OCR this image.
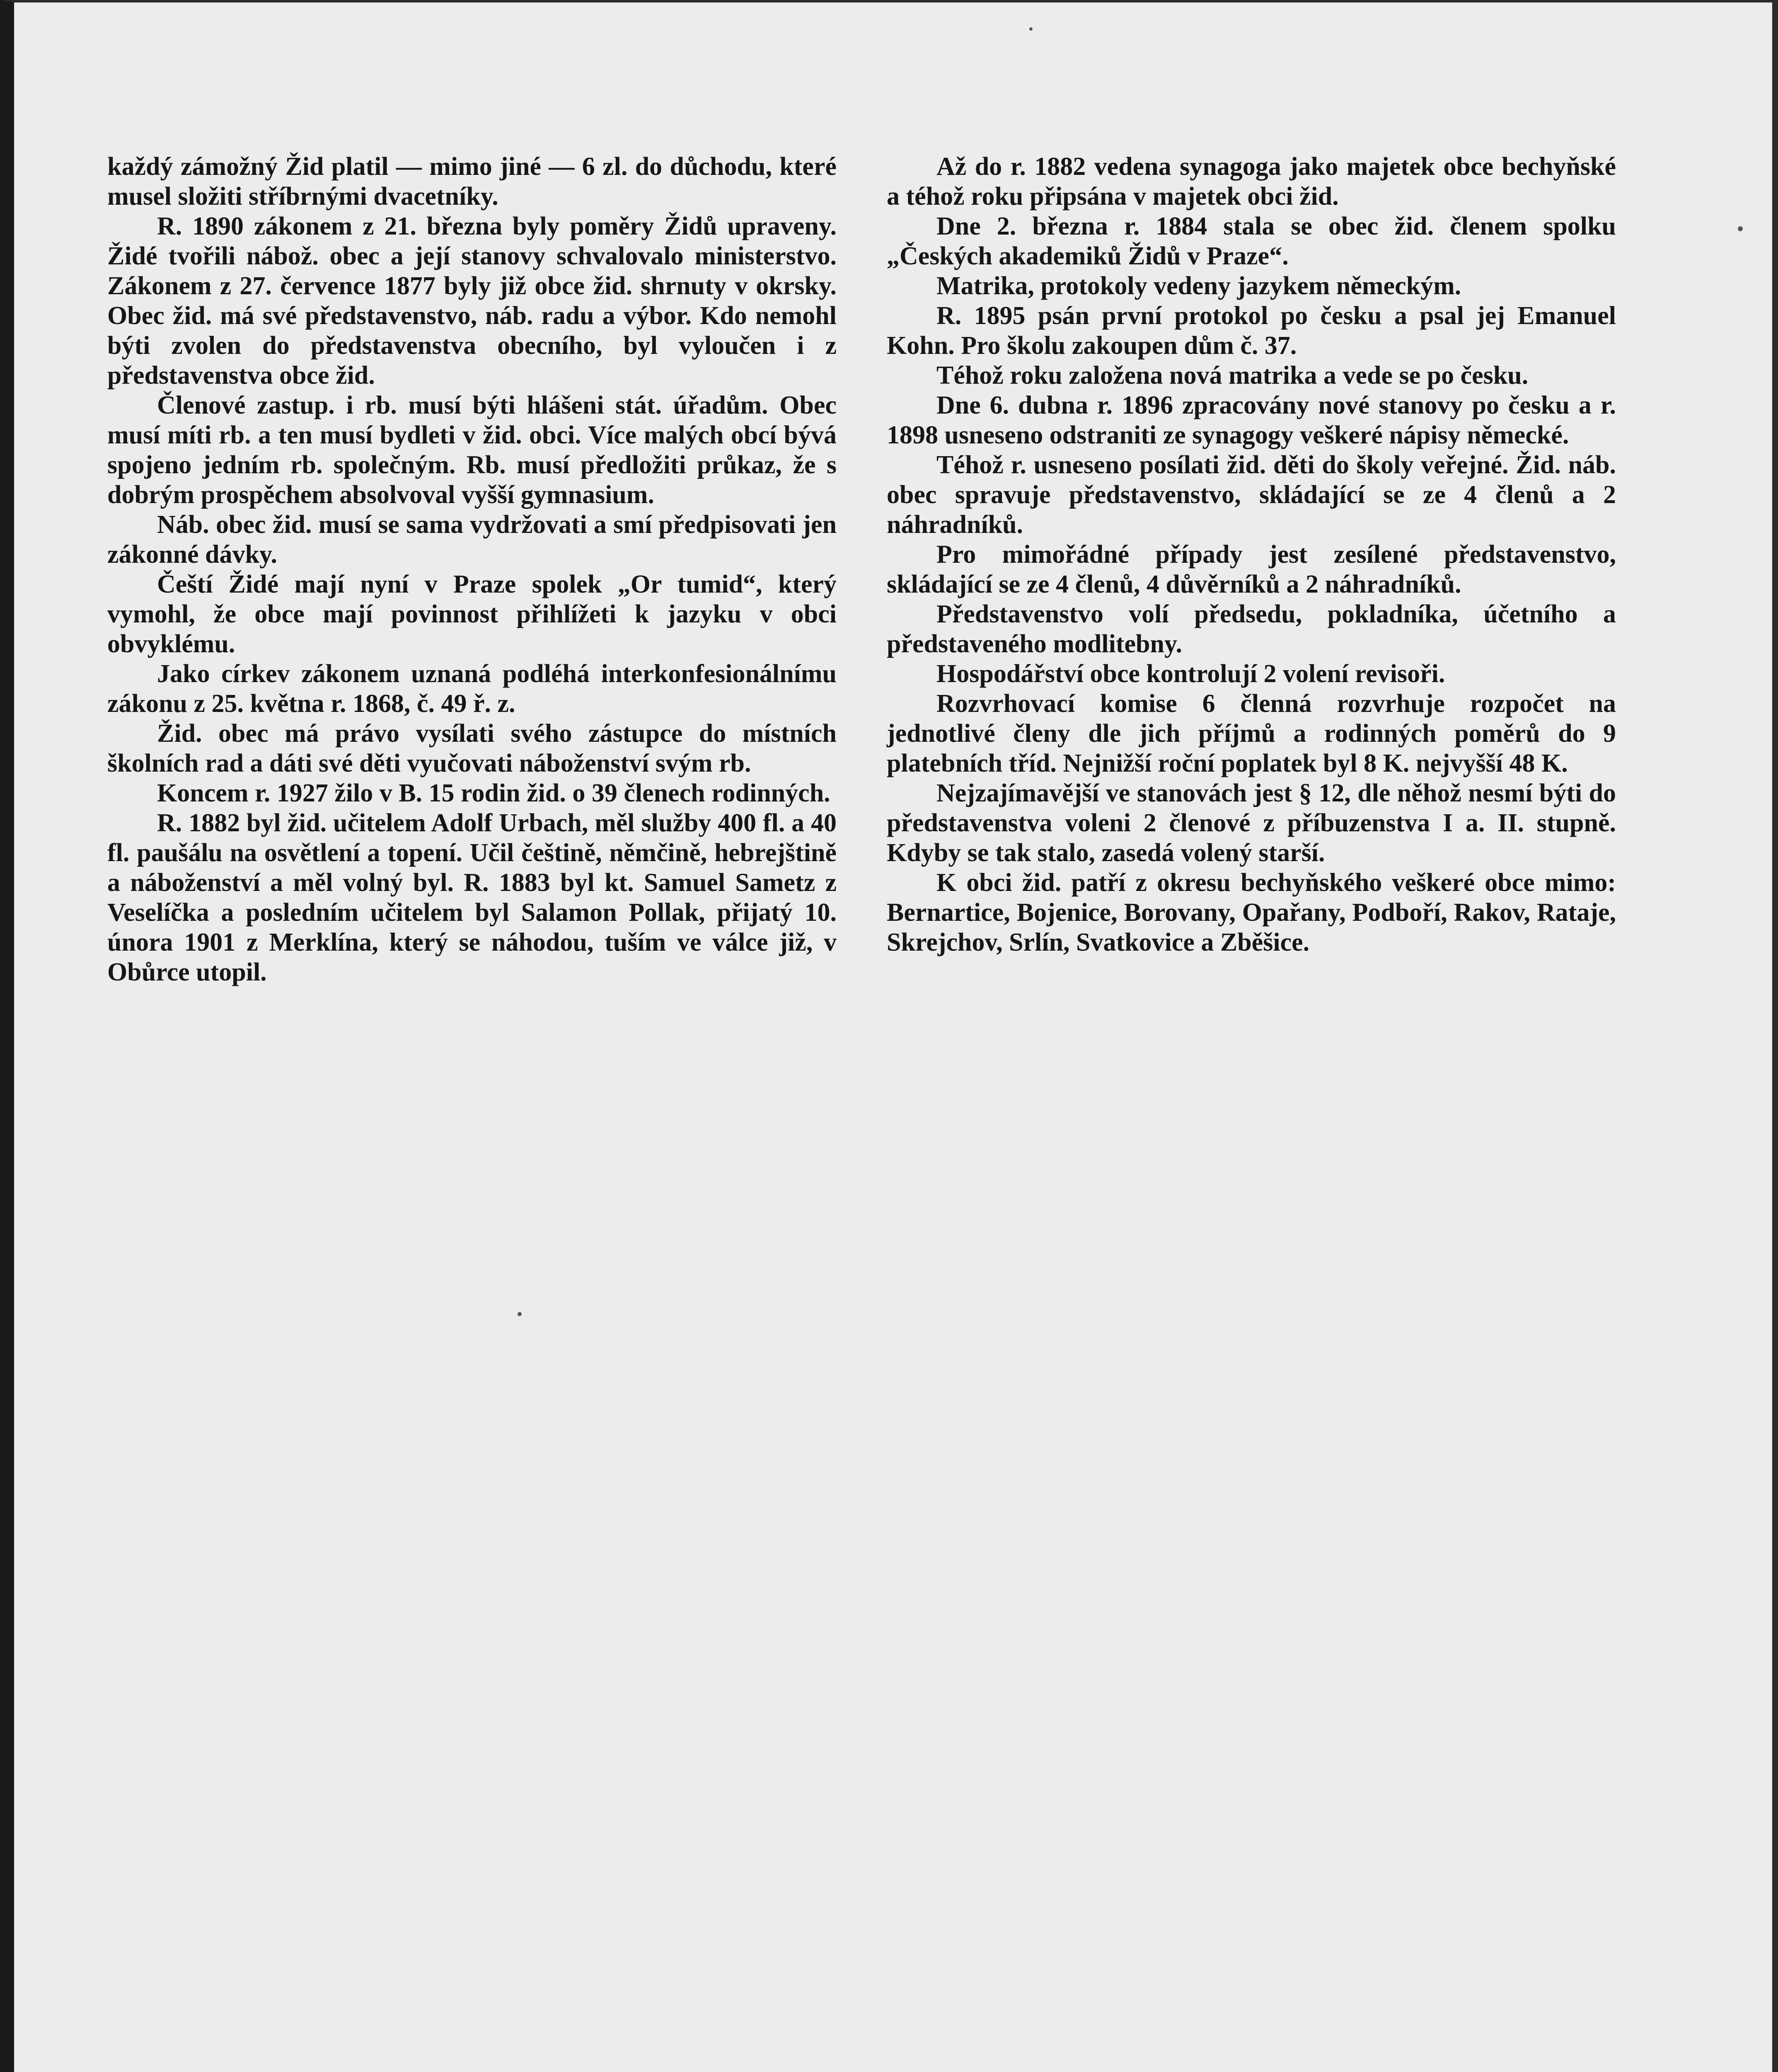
každý zámožný Žid platil — mimo jiné — 6 zl. do důchodu, které musel složiti stříbrnými dvacetníky.

R. 1890 zákonem z 21. března byly poměry Židů upraveny. Židé tvořili nábož. obec a její stanovy schvalovalo ministerstvo. Zákonem z 27. července 1877 byly již obce žid. shrnuty v okrsky. Obec žid. má své představenstvo, náb. radu a výbor. Kdo nemohl býti zvolen do představenstva obecního, byl vyloučen i z představenstva obce žid.

Členové zastup. i rb. musí býti hlášeni stát. úřadům. Obec musí míti rb. a ten musí bydleti v žid. obci. Více malých obcí bývá spojeno jedním rb. společným. Rb. musí předložiti průkaz, že s dobrým prospěchem absolvoval vyšší gymnasium.

Náb. obec žid. musí se sama vydržovati a smí předpisovati jen zákonné dávky.

Čeští Židé mají nyní v Praze spolek „Or tumid“, který vymohl, že obce mají povinnost přihlížeti k jazyku v obci obvyklému.

Jako církev zákonem uznaná podléhá interkonfesionálnímu zákonu z 25. května r. 1868, č. 49 ř. z.

Žid. obec má právo vysílati svého zástupce do místních školních rad a dáti své děti vyučovati náboženství svým rb.

Koncem r. 1927 žilo v B. 15 rodin žid. o 39 členech rodinných.

R. 1882 byl žid. učitelem Adolf Urbach, měl služby 400 fl. a 40 fl. paušálu na osvětlení a topení. Učil češtině, němčině, hebrejštině a náboženství a měl volný byl. R. 1883 byl kt. Samuel Sametz z Veselíčka a posledním učitelem byl Salamon Pollak, přijatý 10. února 1901 z Merklína, který se náhodou, tuším ve válce již, v Obůrce utopil.

Až do r. 1882 vedena synagoga jako majetek obce bechyňské a téhož roku připsána v majetek obci žid.

Dne 2. března r. 1884 stala se obec žid. členem spolku „Českých akademiků Židů v Praze“.

Matrika, protokoly vedeny jazykem německým.

R. 1895 psán první protokol po česku a psal jej Emanuel Kohn. Pro školu zakoupen dům č. 37.

Téhož roku založena nová matrika a vede se po česku.

Dne 6. dubna r. 1896 zpracovány nové stanovy po česku a r. 1898 usneseno odstraniti ze synagogy veškeré nápisy německé.

Téhož r. usneseno posílati žid. děti do školy veřejné. Žid. náb. obec spravuje představenstvo, skládající se ze 4 členů a 2 náhradníků.

Pro mimořádné případy jest zesílené představenstvo, skládající se ze 4 členů, 4 důvěrníků a 2 náhradníků.

Představenstvo volí předsedu, pokladníka, účetního a představeného modlitebny.

Hospodářství obce kontrolují 2 volení revisoři.

Rozvrhovací komise 6 členná rozvrhuje rozpočet na jednotlivé členy dle jich příjmů a rodinných poměrů do 9 platebních tříd. Nejnižší roční poplatek byl 8 K. nejvyšší 48 K.

Nejzajímavější ve stanovách jest § 12, dle něhož nesmí býti do představenstva voleni 2 členové z příbuzenstva I a. II. stupně. Kdyby se tak stalo, zasedá volený starší.

K obci žid. patří z okresu bechyňského veškeré obce mimo: Bernartice, Bojenice, Borovany, Opařany, Podboří, Rakov, Rataje, Skrejchov, Srlín, Svatkovice a Zběšice.
